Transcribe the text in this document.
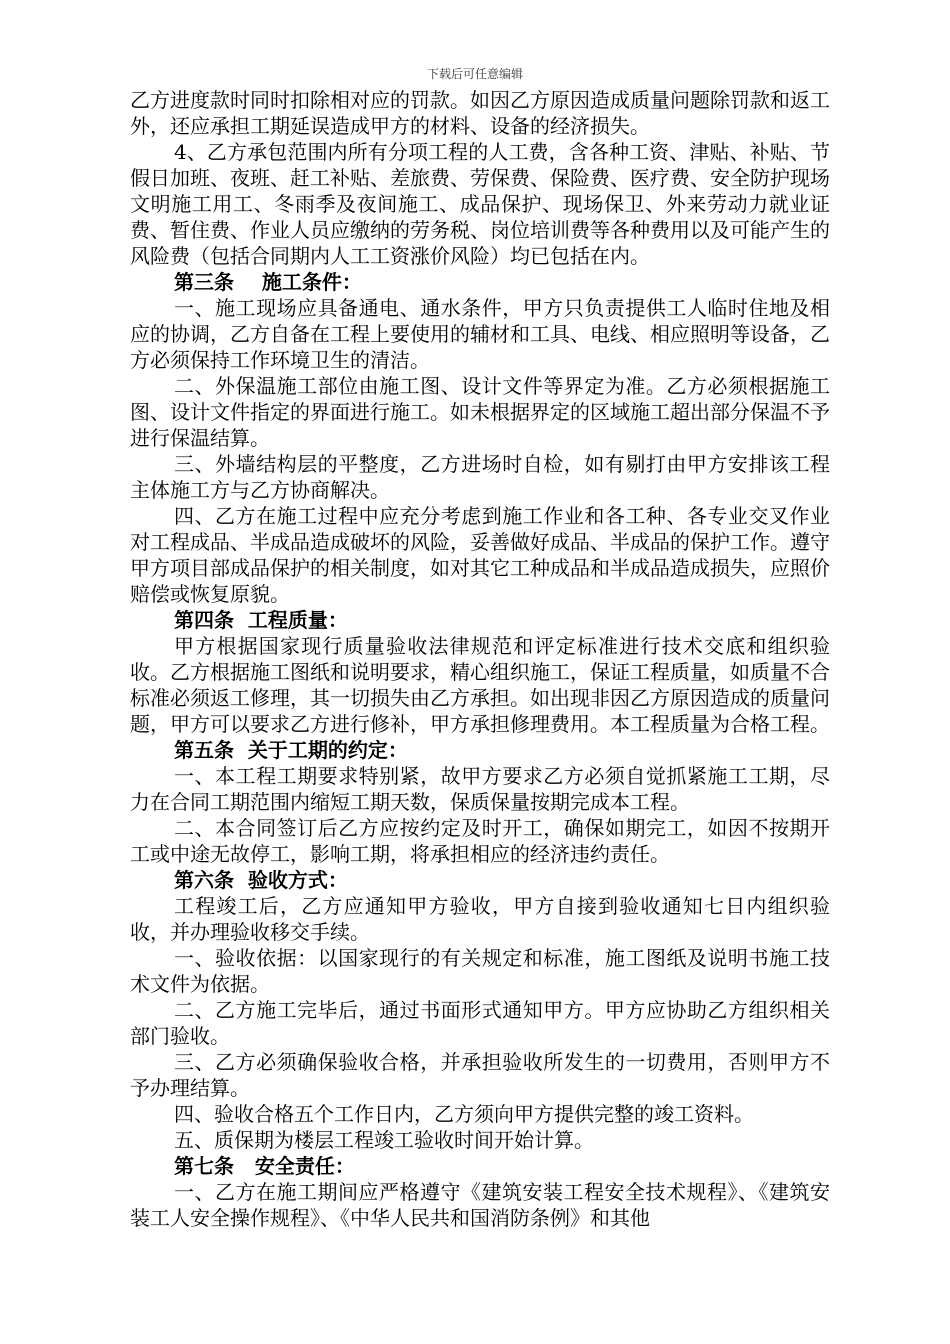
下载后可任意编辑

乙方进度款时同时扣除相对应的罚款。如因乙方原因造成质量问题除罚款和返工外，还应承担工期延误造成甲方的材料、设备的经济损失。

4、乙方承包范围内所有分项工程的人工费，含各种工资、津贴、补贴、节假日加班、夜班、赶工补贴、差旅费、劳保费、保险费、医疗费、安全防护现场文明施工用工、冬雨季及夜间施工、成品保护、现场保卫、外来劳动力就业证费、暂住费、作业人员应缴纳的劳务税、岗位培训费等各种费用以及可能产生的风险费（包括合同期内人工工资涨价风险）均已包括在内。

第三条    施工条件：

一、施工现场应具备通电、通水条件，甲方只负责提供工人临时住地及相应的协调，乙方自备在工程上要使用的辅材和工具、电线、相应照明等设备，乙方必须保持工作环境卫生的清洁。

二、外保温施工部位由施工图、设计文件等界定为准。乙方必须根据施工图、设计文件指定的界面进行施工。如未根据界定的区域施工超出部分保温不予进行保温结算。

三、外墙结构层的平整度，乙方进场时自检，如有剔打由甲方安排该工程主体施工方与乙方协商解决。

四、乙方在施工过程中应充分考虑到施工作业和各工种、各专业交叉作业对工程成品、半成品造成破坏的风险，妥善做好成品、半成品的保护工作。遵守甲方项目部成品保护的相关制度，如对其它工种成品和半成品造成损失，应照价赔偿或恢复原貌。

第四条  工程质量：

甲方根据国家现行质量验收法律规范和评定标准进行技术交底和组织验收。乙方根据施工图纸和说明要求，精心组织施工，保证工程质量，如质量不合标准必须返工修理，其一切损失由乙方承担。如出现非因乙方原因造成的质量问题，甲方可以要求乙方进行修补，甲方承担修理费用。本工程质量为合格工程。

第五条  关于工期的约定：

一、本工程工期要求特别紧，故甲方要求乙方必须自觉抓紧施工工期，尽力在合同工期范围内缩短工期天数，保质保量按期完成本工程。

二、本合同签订后乙方应按约定及时开工，确保如期完工，如因不按期开工或中途无故停工，影响工期，将承担相应的经济违约责任。

第六条  验收方式：

工程竣工后，乙方应通知甲方验收，甲方自接到验收通知七日内组织验收，并办理验收移交手续。

一、验收依据：以国家现行的有关规定和标准，施工图纸及说明书施工技术文件为依据。

二、乙方施工完毕后，通过书面形式通知甲方。甲方应协助乙方组织相关部门验收。

三、乙方必须确保验收合格，并承担验收所发生的一切费用，否则甲方不予办理结算。

四、验收合格五个工作日内，乙方须向甲方提供完整的竣工资料。

五、质保期为楼层工程竣工验收时间开始计算。

第七条   安全责任：

一、乙方在施工期间应严格遵守《建筑安装工程安全技术规程》、《建筑安装工人安全操作规程》、《中华人民共和国消防条例》和其他
